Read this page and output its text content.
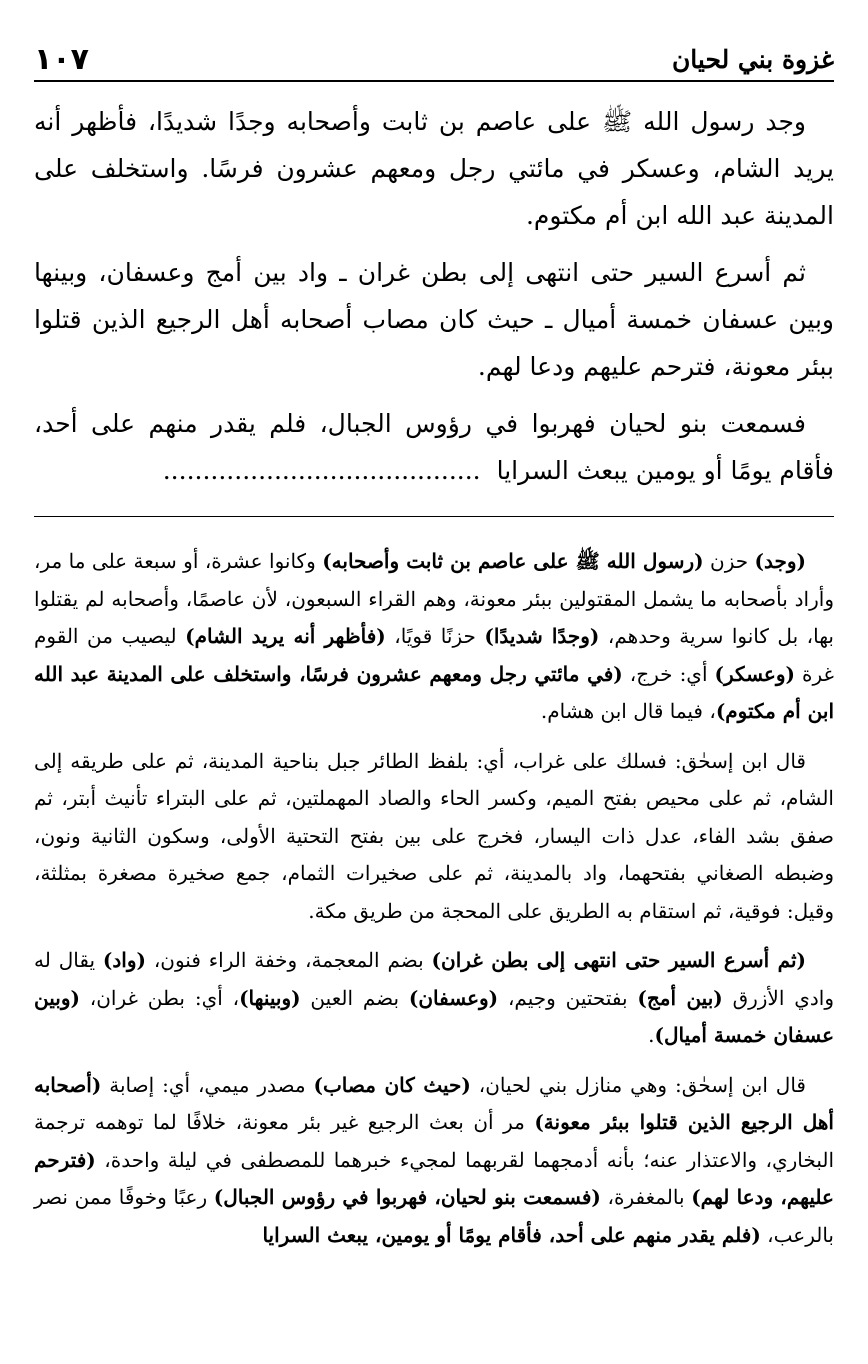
غزوة بني لحيان
١٠٧

وجد رسول الله ﷺ على عاصم بن ثابت وأصحابه وجدًا شديدًا، فأظهر أنه يريد الشام، وعسكر في مائتي رجل ومعهم عشرون فرسًا. واستخلف على المدينة عبد الله ابن أم مكتوم.

ثم أسرع السير حتى انتهى إلى بطن غران ـ واد بين أمج وعسفان، وبينها وبين عسفان خمسة أميال ـ حيث كان مصاب أصحابه أهل الرجيع الذين قتلوا ببئر معونة، فترحم عليهم ودعا لهم.

فسمعت بنو لحيان فهربوا في رؤوس الجبال، فلم يقدر منهم على أحد، فأقام يومًا أو يومين يبعث السرايا........................................

(وجد) حزن (رسول الله ﷺ على عاصم بن ثابت وأصحابه) وكانوا عشرة، أو سبعة على ما مر، وأراد بأصحابه ما يشمل المقتولين ببئر معونة، وهم القراء السبعون، لأن عاصمًا، وأصحابه لم يقتلوا بها، بل كانوا سرية وحدهم، (وجدًا شديدًا) حزنًا قويًا، (فأظهر أنه يريد الشام) ليصيب من القوم غرة (وعسكر) أي: خرج، (في مائتي رجل ومعهم عشرون فرسًا، واستخلف على المدينة عبد الله ابن أم مكتوم)، فيما قال ابن هشام.

قال ابن إسحٰق: فسلك على غراب، أي: بلفظ الطائر جبل بناحية المدينة، ثم على طريقه إلى الشام، ثم على محيص بفتح الميم، وكسر الحاء والصاد المهملتين، ثم على البتراء تأنيث أبتر، ثم صفق بشد الفاء، عدل ذات اليسار، فخرج على بين بفتح التحتية الأولى، وسكون الثانية ونون، وضبطه الصغاني بفتحهما، واد بالمدينة، ثم على صخيرات الثمام، جمع صخيرة مصغرة بمثلثة، وقيل: فوقية، ثم استقام به الطريق على المحجة من طريق مكة.

(ثم أسرع السير حتى انتهى إلى بطن غران) بضم المعجمة، وخفة الراء فنون، (واد) يقال له وادي الأزرق (بين أمج) بفتحتين وجيم، (وعسفان) بضم العين (وبينها)، أي: بطن غران، (وبين عسفان خمسة أميال).

قال ابن إسحٰق: وهي منازل بني لحيان، (حيث كان مصاب) مصدر ميمي، أي: إصابة (أصحابه أهل الرجيع الذين قتلوا ببئر معونة) مر أن بعث الرجيع غير بئر معونة، خلافًا لما توهمه ترجمة البخاري، والاعتذار عنه؛ بأنه أدمجهما لقربهما لمجيء خبرهما للمصطفى في ليلة واحدة، (فترحم عليهم، ودعا لهم) بالمغفرة، (فسمعت بنو لحيان، فهربوا في رؤوس الجبال) رعبًا وخوفًا ممن نصر بالرعب، (فلم يقدر منهم على أحد، فأقام يومًا أو يومين، يبعث السرايا
